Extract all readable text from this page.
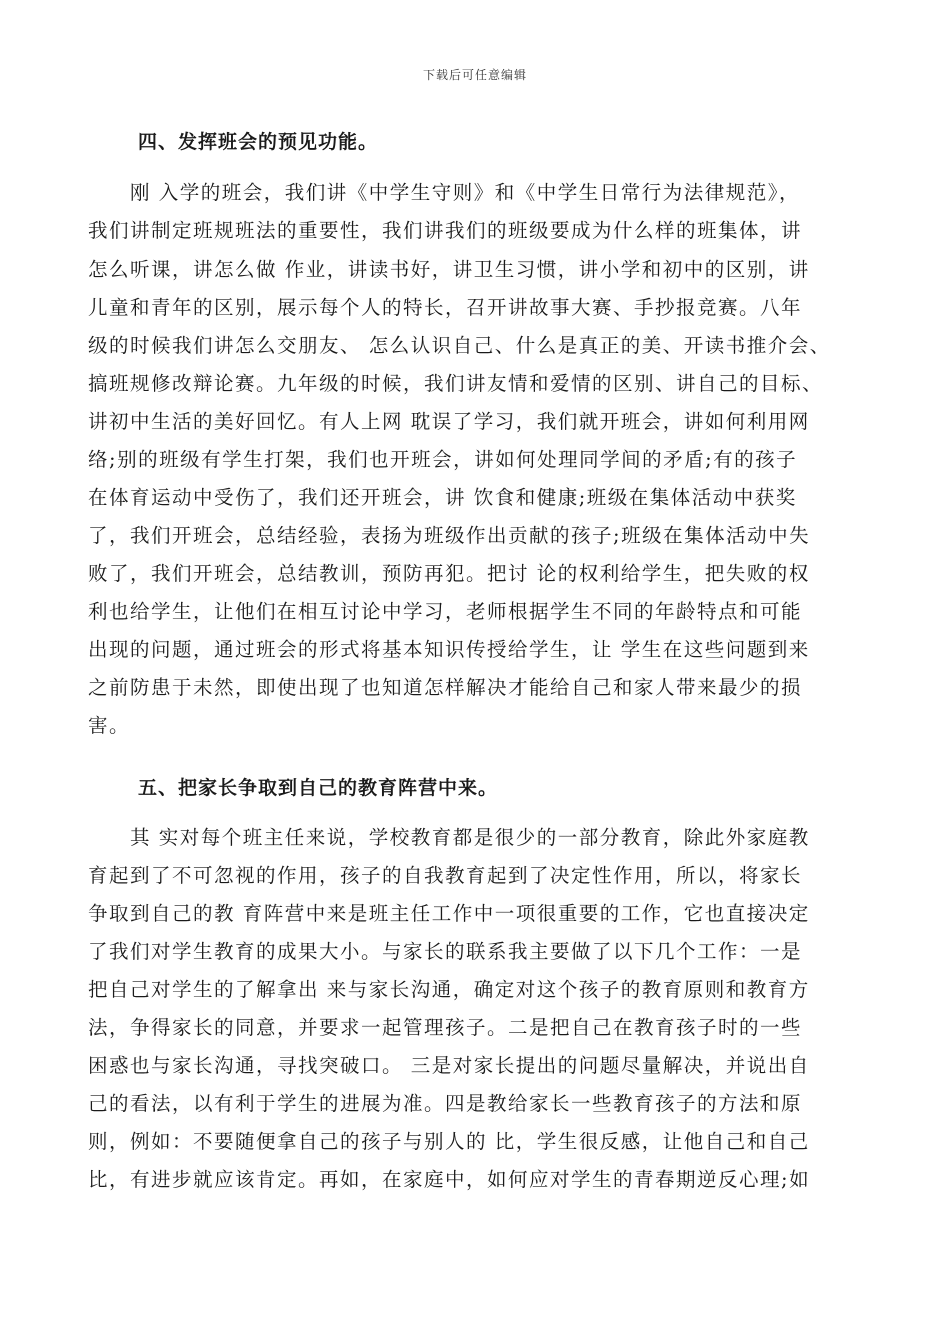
下载后可任意编辑
四、发挥班会的预见功能。
　　刚 入学的班会，我们讲《中学生守则》和《中学生日常行为法律规范》，
我们讲制定班规班法的重要性，我们讲我们的班级要成为什么样的班集体，讲
怎么听课，讲怎么做 作业，讲读书好，讲卫生习惯，讲小学和初中的区别，讲
儿童和青年的区别，展示每个人的特长，召开讲故事大赛、手抄报竞赛。八年
级的时候我们讲怎么交朋友、 怎么认识自己、什么是真正的美、开读书推介会、
搞班规修改辩论赛。九年级的时候，我们讲友情和爱情的区别、讲自己的目标、
讲初中生活的美好回忆。有人上网 耽误了学习，我们就开班会，讲如何利用网
络;别的班级有学生打架，我们也开班会，讲如何处理同学间的矛盾;有的孩子
在体育运动中受伤了，我们还开班会，讲 饮食和健康;班级在集体活动中获奖
了，我们开班会，总结经验，表扬为班级作出贡献的孩子;班级在集体活动中失
败了，我们开班会，总结教训，预防再犯。把讨 论的权利给学生，把失败的权
利也给学生，让他们在相互讨论中学习，老师根据学生不同的年龄特点和可能
出现的问题，通过班会的形式将基本知识传授给学生，让 学生在这些问题到来
之前防患于未然，即使出现了也知道怎样解决才能给自己和家人带来最少的损
害。
五、把家长争取到自己的教育阵营中来。
　　其 实对每个班主任来说，学校教育都是很少的一部分教育，除此外家庭教
育起到了不可忽视的作用，孩子的自我教育起到了决定性作用，所以，将家长
争取到自己的教 育阵营中来是班主任工作中一项很重要的工作，它也直接决定
了我们对学生教育的成果大小。与家长的联系我主要做了以下几个工作：一是
把自己对学生的了解拿出 来与家长沟通，确定对这个孩子的教育原则和教育方
法，争得家长的同意，并要求一起管理孩子。二是把自己在教育孩子时的一些
困惑也与家长沟通，寻找突破口。 三是对家长提出的问题尽量解决，并说出自
己的看法，以有利于学生的进展为准。四是教给家长一些教育孩子的方法和原
则，例如：不要随便拿自己的孩子与别人的 比，学生很反感，让他自己和自己
比，有进步就应该肯定。再如，在家庭中，如何应对学生的青春期逆反心理;如
